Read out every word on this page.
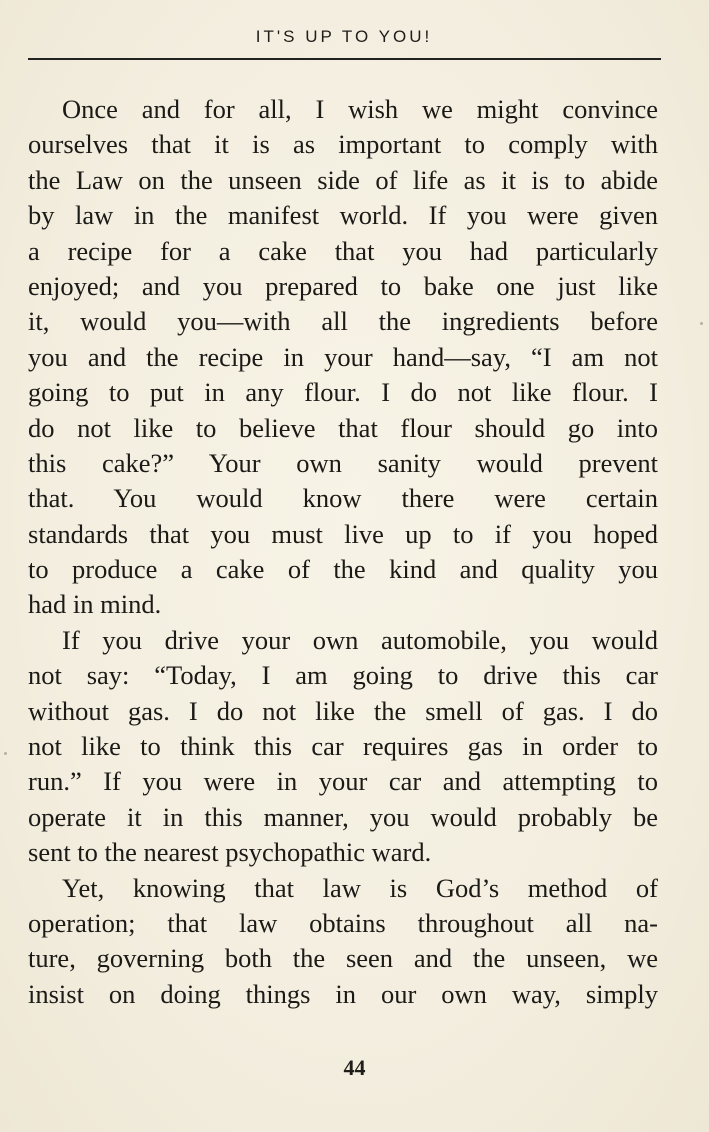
IT'S UP TO YOU!
Once and for all, I wish we might convince
ourselves that it is as important to comply with
the Law on the unseen side of life as it is to abide
by law in the manifest world. If you were given
a recipe for a cake that you had particularly
enjoyed; and you prepared to bake one just like
it, would you—with all the ingredients before
you and the recipe in your hand—say, “I am not
going to put in any flour. I do not like flour. I
do not like to believe that flour should go into
this cake?” Your own sanity would prevent
that. You would know there were certain
standards that you must live up to if you hoped
to produce a cake of the kind and quality you
had in mind.
If you drive your own automobile, you would
not say: “Today, I am going to drive this car
without gas. I do not like the smell of gas. I do
not like to think this car requires gas in order to
run.” If you were in your car and attempting to
operate it in this manner, you would probably be
sent to the nearest psychopathic ward.
Yet, knowing that law is God’s method of
operation; that law obtains throughout all na-
ture, governing both the seen and the unseen, we
insist on doing things in our own way, simply
44
